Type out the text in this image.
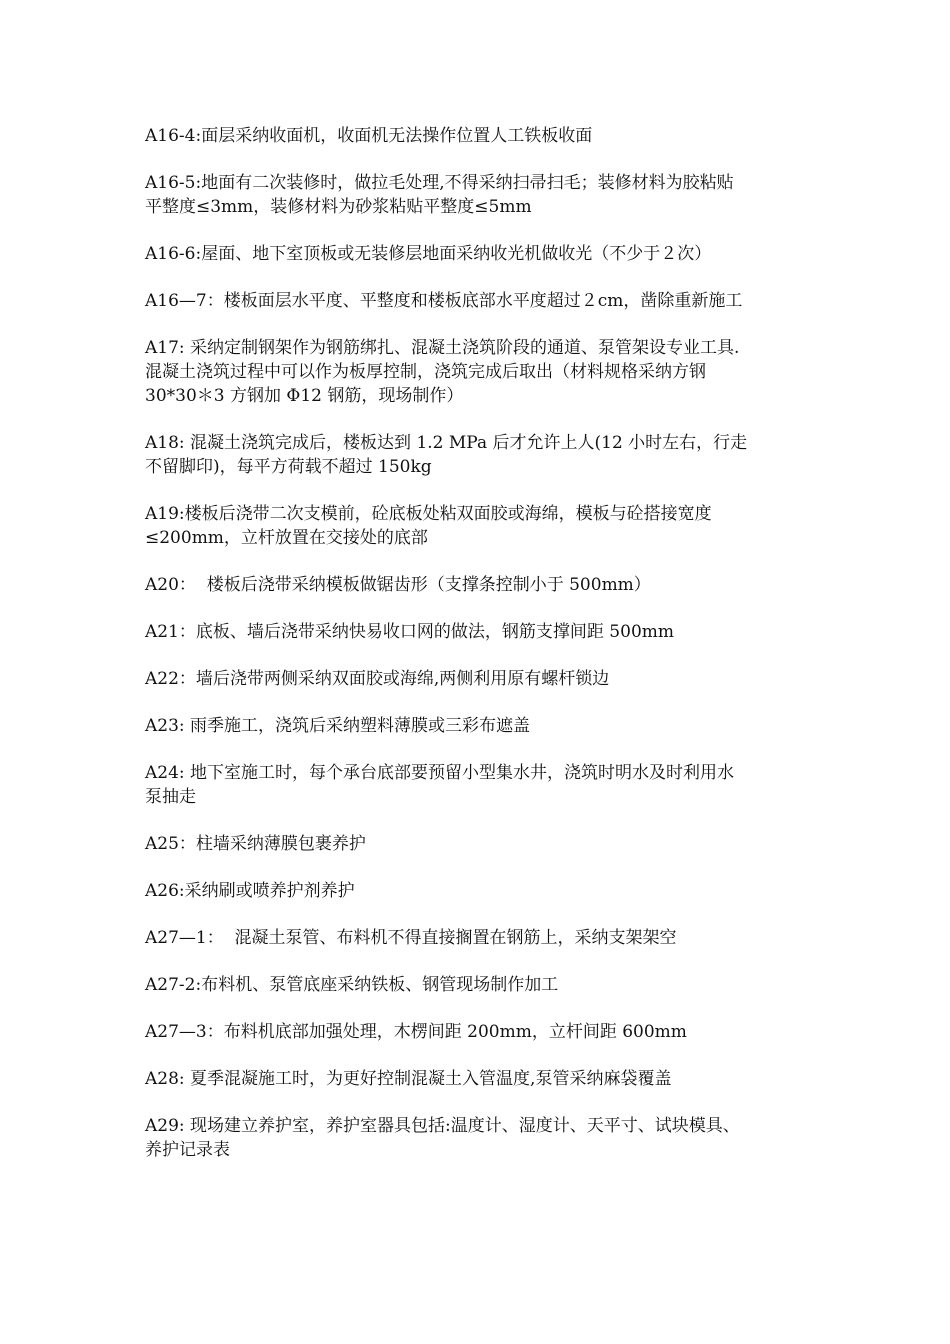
A16-4:面层采纳收面机，收面机无法操作位置人工铁板收面

A16-5:地面有二次装修时，做拉毛处理,不得采纳扫帚扫毛；装修材料为胶粘贴
平整度≤3mm，装修材料为砂浆粘贴平整度≤5mm

A16-6:屋面、地下室顶板或无装修层地面采纳收光机做收光（不少于２次）

A16—7：楼板面层水平度、平整度和楼板底部水平度超过２cm，凿除重新施工

A17: 采纳定制钢架作为钢筋绑扎、混凝土浇筑阶段的通道、泵管架设专业工具.
混凝土浇筑过程中可以作为板厚控制，浇筑完成后取出（材料规格采纳方钢
30*30＊3 方钢加 Φ12 钢筋，现场制作）

A18: 混凝土浇筑完成后，楼板达到 1.2 MPa 后才允许上人(12 小时左右，行走
不留脚印)，每平方荷载不超过 150kg

A19:楼板后浇带二次支模前，砼底板处粘双面胶或海绵，模板与砼搭接宽度
≤200mm，立杆放置在交接处的底部

A20：  楼板后浇带采纳模板做锯齿形（支撑条控制小于 500mm）

A21：底板、墙后浇带采纳快易收口网的做法，钢筋支撑间距 500mm

A22：墙后浇带两侧采纳双面胶或海绵,两侧利用原有螺杆锁边

A23: 雨季施工，浇筑后采纳塑料薄膜或三彩布遮盖

A24: 地下室施工时，每个承台底部要预留小型集水井，浇筑时明水及时利用水
泵抽走

A25：柱墙采纳薄膜包裹养护

A26:采纳刷或喷养护剂养护

A27—1：  混凝土泵管、布料机不得直接搁置在钢筋上，采纳支架架空

A27-2:布料机、泵管底座采纳铁板、钢管现场制作加工

A27—3：布料机底部加强处理，木楞间距 200mm，立杆间距 600mm

A28: 夏季混凝施工时，为更好控制混凝土入管温度,泵管采纳麻袋覆盖

A29: 现场建立养护室，养护室器具包括:温度计、湿度计、天平寸、试块模具、
养护记录表
